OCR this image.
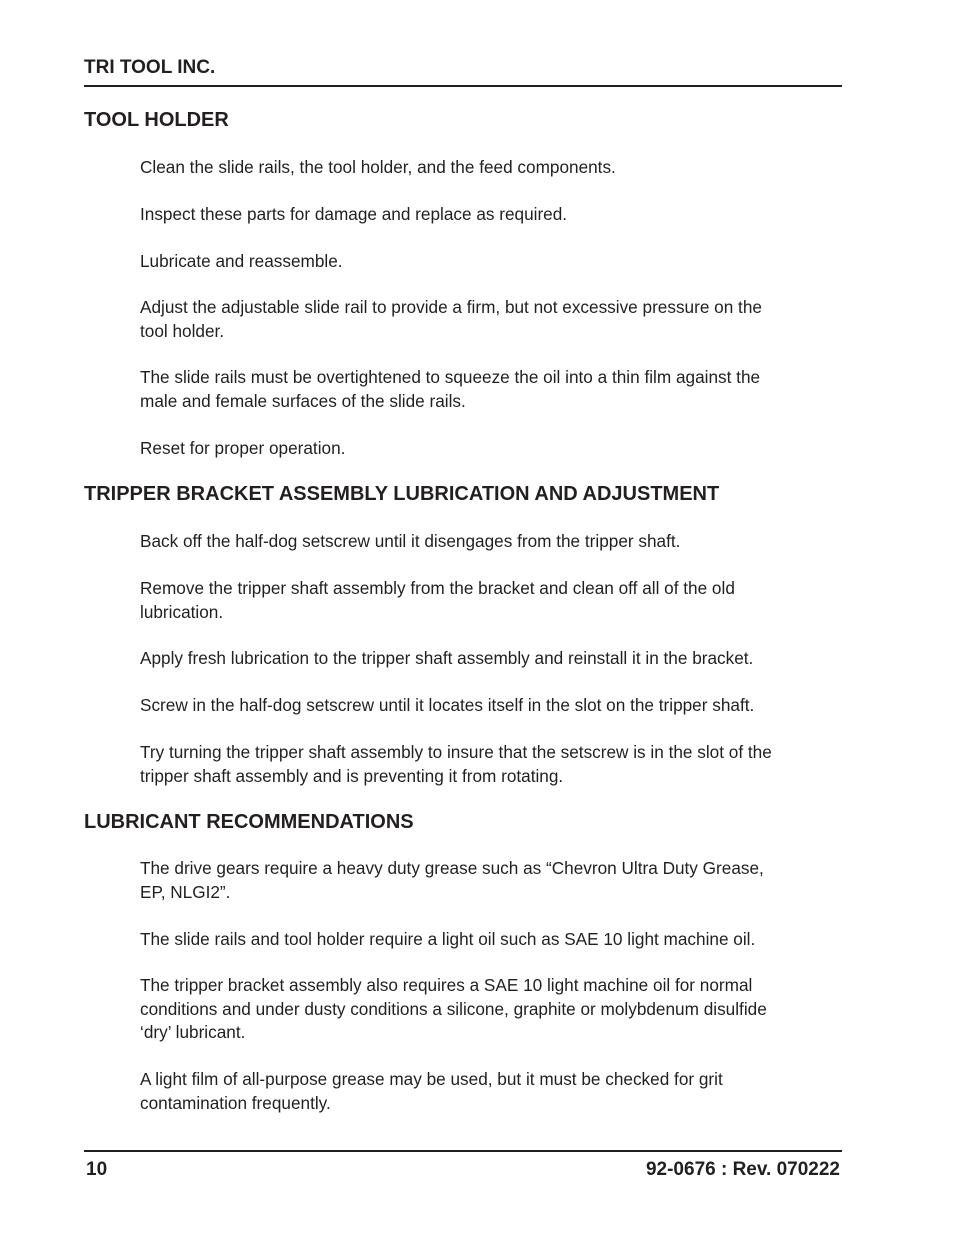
TRI TOOL INC.
TOOL HOLDER
Clean the slide rails, the tool holder, and the feed components.
Inspect these parts for damage and replace as required.
Lubricate and reassemble.
Adjust the adjustable slide rail to provide a firm, but not excessive pressure on the
tool holder.
The slide rails must be overtightened to squeeze the oil into a thin film against the
male and female surfaces of the slide rails.
Reset for proper operation.
TRIPPER BRACKET ASSEMBLY LUBRICATION AND ADJUSTMENT
Back off the half-dog setscrew until it disengages from the tripper shaft.
Remove the tripper shaft assembly from the bracket and clean off all of the old
lubrication.
Apply fresh lubrication to the tripper shaft assembly and reinstall it in the bracket.
Screw in the half-dog setscrew until it locates itself in the slot on the tripper shaft.
Try turning the tripper shaft assembly to insure that the setscrew is in the slot of the
tripper shaft assembly and is preventing it from rotating.
LUBRICANT RECOMMENDATIONS
The drive gears require a heavy duty grease such as “Chevron Ultra Duty Grease,
EP, NLGI2”.
The slide rails and tool holder require a light oil such as SAE 10 light machine oil.
The tripper bracket assembly also requires a SAE 10 light machine oil for normal
conditions and under dusty conditions a silicone, graphite or molybdenum disulfide
‘dry’ lubricant.
A light film of all-purpose grease may be used, but it must be checked for grit
contamination frequently.
10	92-0676 : Rev. 070222
